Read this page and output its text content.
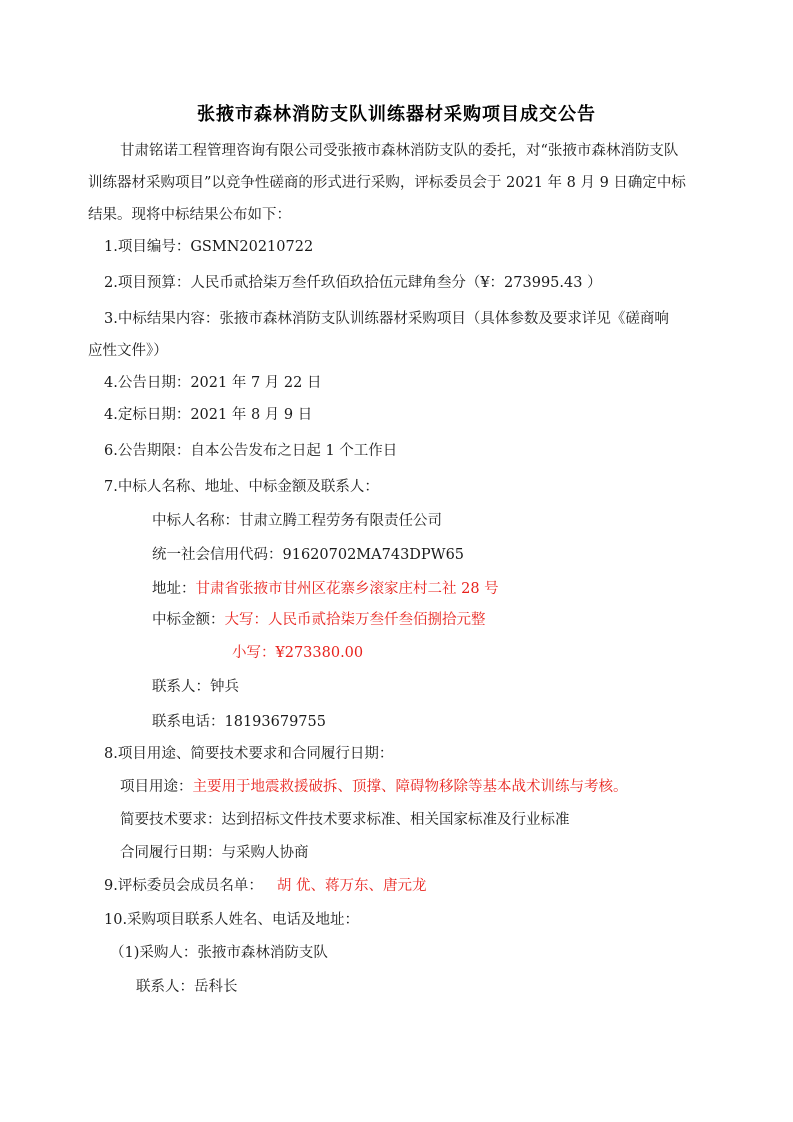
张掖市森林消防支队训练器材采购项目成交公告
甘肃铭诺工程管理咨询有限公司受张掖市森林消防支队的委托，对“张掖市森林消防支队
训练器材采购项目”以竞争性磋商的形式进行采购，评标委员会于 2021 年 8 月 9 日确定中标
结果。现将中标结果公布如下：
1.项目编号：GSMN20210722
2.项目预算：人民币贰拾柒万叁仟玖佰玖拾伍元肆角叁分（¥：273995.43 ）
3.中标结果内容：张掖市森林消防支队训练器材采购项目（具体参数及要求详见《磋商响
应性文件》）
4.公告日期：2021 年 7 月 22 日
4.定标日期：2021 年 8 月 9 日
6.公告期限：自本公告发布之日起 1 个工作日
7.中标人名称、地址、中标金额及联系人：
中标人名称：甘肃立腾工程劳务有限责任公司
统一社会信用代码：91620702MA743DPW65
地址：甘肃省张掖市甘州区花寨乡滚家庄村二社 28 号
中标金额：大写：人民币贰拾柒万叁仟叁佰捌拾元整
小写：¥273380.00
联系人：钟兵
联系电话：18193679755
8.项目用途、简要技术要求和合同履行日期：
项目用途：主要用于地震救援破拆、顶撑、障碍物移除等基本战术训练与考核。
简要技术要求：达到招标文件技术要求标准、相关国家标准及行业标准
合同履行日期：与采购人协商
9.评标委员会成员名单： 胡 优、蒋万东、唐元龙
10.采购项目联系人姓名、电话及地址：
（1)采购人：张掖市森林消防支队
联系人：岳科长
